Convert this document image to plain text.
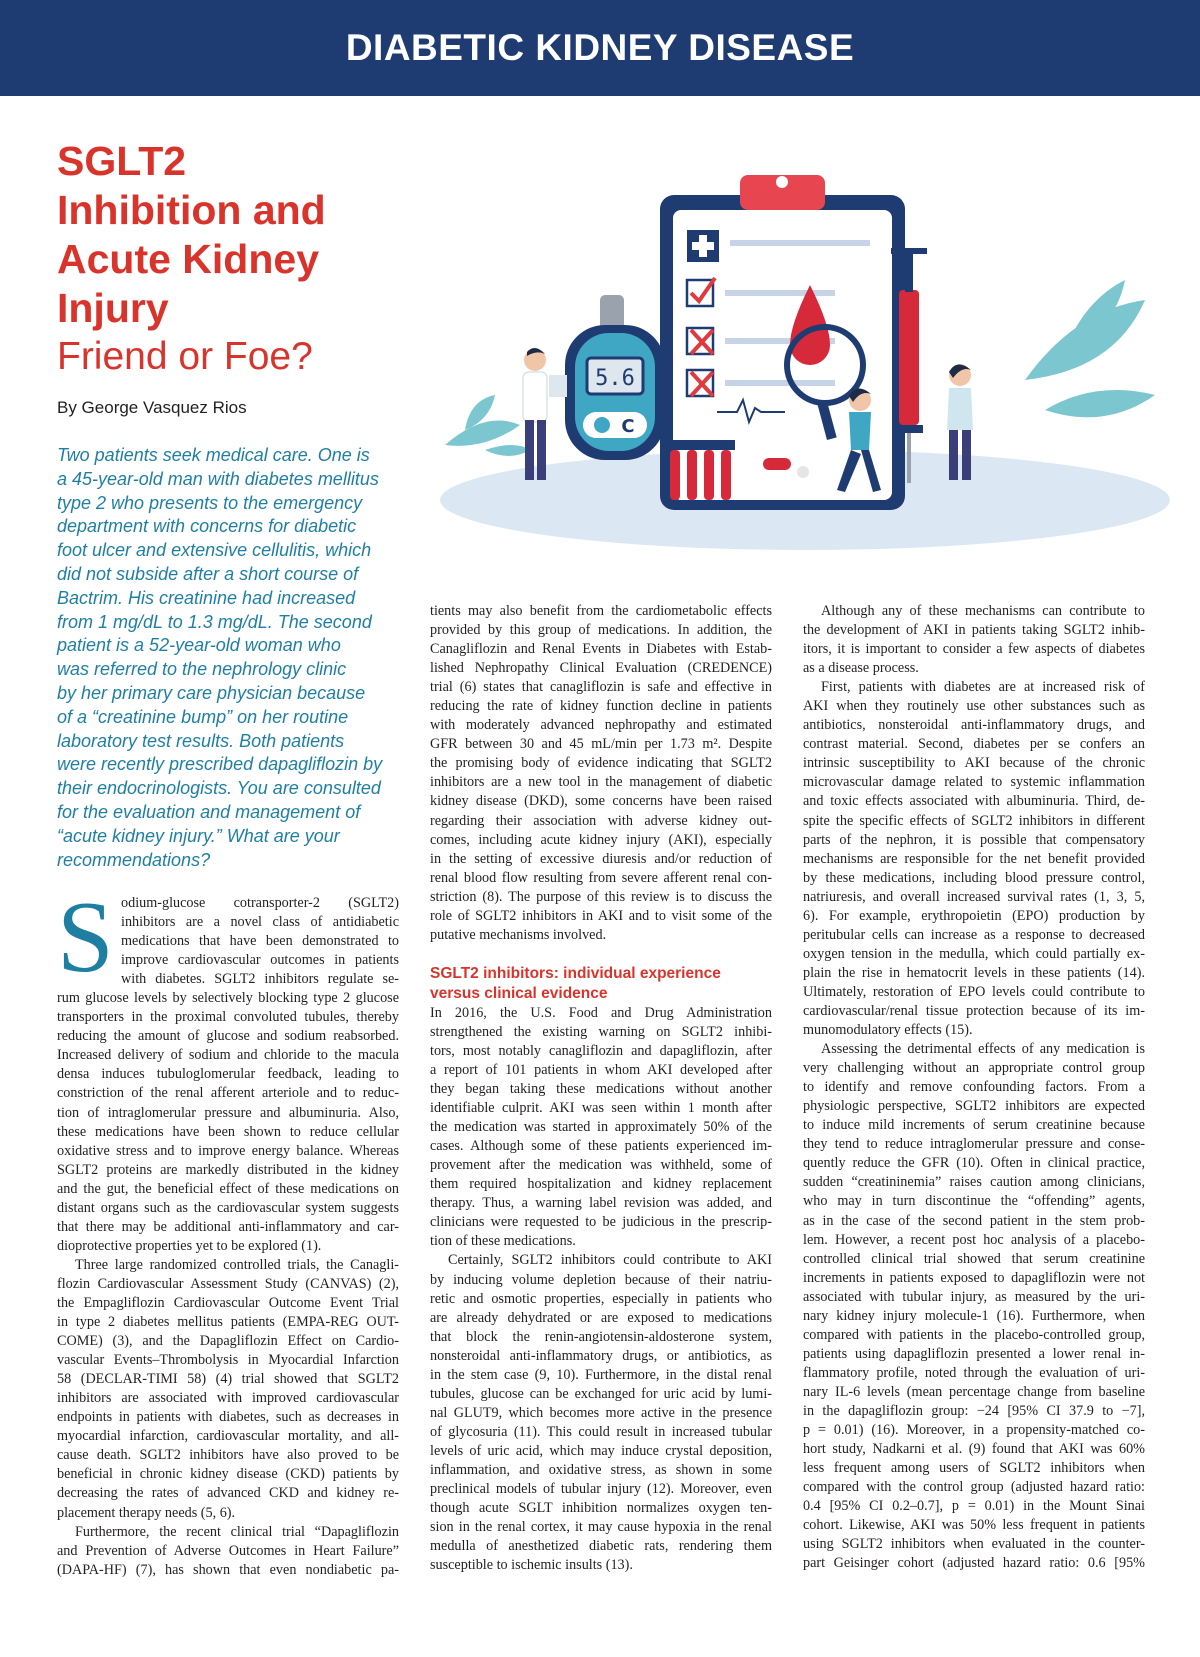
DIABETIC KIDNEY DISEASE
SGLT2
Inhibition and
Acute Kidney
Injury
Friend or Foe?
By George Vasquez Rios
Two patients seek medical care. One is
a 45-year-old man with diabetes mellitus
type 2 who presents to the emergency
department with concerns for diabetic
foot ulcer and extensive cellulitis, which
did not subside after a short course of
Bactrim. His creatinine had increased
from 1 mg/dL to 1.3 mg/dL. The second
patient is a 52-year-old woman who
was referred to the nephrology clinic
by her primary care physician because
of a “creatinine bump” on her routine
laboratory test results. Both patients
were recently prescribed dapagliflozin by
their endocrinologists. You are consulted
for the evaluation and management of
“acute kidney injury.” What are your
recommendations?
5.6
C
S odium-glucose cotransporter-2 (SGLT2)
inhibitors are a novel class of antidiabetic
medications that have been demonstrated to
improve cardiovascular outcomes in patients
with diabetes. SGLT2 inhibitors regulate se-
rum glucose levels by selectively blocking type 2 glucose
transporters in the proximal convoluted tubules, thereby
reducing the amount of glucose and sodium reabsorbed.
Increased delivery of sodium and chloride to the macula
densa induces tubuloglomerular feedback, leading to
constriction of the renal afferent arteriole and to reduc-
tion of intraglomerular pressure and albuminuria. Also,
these medications have been shown to reduce cellular
oxidative stress and to improve energy balance. Whereas
SGLT2 proteins are markedly distributed in the kidney
and the gut, the beneficial effect of these medications on
distant organs such as the cardiovascular system suggests
that there may be additional anti-inflammatory and car-
dioprotective properties yet to be explored (1).
Three large randomized controlled trials, the Canagli-
flozin Cardiovascular Assessment Study (CANVAS) (2),
the Empagliflozin Cardiovascular Outcome Event Trial
in type 2 diabetes mellitus patients (EMPA-REG OUT-
COME) (3), and the Dapagliflozin Effect on Cardio-
vascular Events–Thrombolysis in Myocardial Infarction
58 (DECLAR-TIMI 58) (4) trial showed that SGLT2
inhibitors are associated with improved cardiovascular
endpoints in patients with diabetes, such as decreases in
myocardial infarction, cardiovascular mortality, and all-
cause death. SGLT2 inhibitors have also proved to be
beneficial in chronic kidney disease (CKD) patients by
decreasing the rates of advanced CKD and kidney re-
placement therapy needs (5, 6).
Furthermore, the recent clinical trial “Dapagliflozin
and Prevention of Adverse Outcomes in Heart Failure”
(DAPA-HF) (7), has shown that even nondiabetic pa-
tients may also benefit from the cardiometabolic effects
provided by this group of medications. In addition, the
Canagliflozin and Renal Events in Diabetes with Estab-
lished Nephropathy Clinical Evaluation (CREDENCE)
trial (6) states that canagliflozin is safe and effective in
reducing the rate of kidney function decline in patients
with moderately advanced nephropathy and estimated
GFR between 30 and 45 mL/min per 1.73 m². Despite
the promising body of evidence indicating that SGLT2
inhibitors are a new tool in the management of diabetic
kidney disease (DKD), some concerns have been raised
regarding their association with adverse kidney out-
comes, including acute kidney injury (AKI), especially
in the setting of excessive diuresis and/or reduction of
renal blood flow resulting from severe afferent renal con-
striction (8). The purpose of this review is to discuss the
role of SGLT2 inhibitors in AKI and to visit some of the
putative mechanisms involved.
SGLT2 inhibitors: individual experience
versus clinical evidence
In 2016, the U.S. Food and Drug Administration
strengthened the existing warning on SGLT2 inhibi-
tors, most notably canagliflozin and dapagliflozin, after
a report of 101 patients in whom AKI developed after
they began taking these medications without another
identifiable culprit. AKI was seen within 1 month after
the medication was started in approximately 50% of the
cases. Although some of these patients experienced im-
provement after the medication was withheld, some of
them required hospitalization and kidney replacement
therapy. Thus, a warning label revision was added, and
clinicians were requested to be judicious in the prescrip-
tion of these medications.
Certainly, SGLT2 inhibitors could contribute to AKI
by inducing volume depletion because of their natriu-
retic and osmotic properties, especially in patients who
are already dehydrated or are exposed to medications
that block the renin-angiotensin-aldosterone system,
nonsteroidal anti-inflammatory drugs, or antibiotics, as
in the stem case (9, 10). Furthermore, in the distal renal
tubules, glucose can be exchanged for uric acid by lumi-
nal GLUT9, which becomes more active in the presence
of glycosuria (11). This could result in increased tubular
levels of uric acid, which may induce crystal deposition,
inflammation, and oxidative stress, as shown in some
preclinical models of tubular injury (12). Moreover, even
though acute SGLT inhibition normalizes oxygen ten-
sion in the renal cortex, it may cause hypoxia in the renal
medulla of anesthetized diabetic rats, rendering them
susceptible to ischemic insults (13).
Although any of these mechanisms can contribute to
the development of AKI in patients taking SGLT2 inhib-
itors, it is important to consider a few aspects of diabetes
as a disease process.
First, patients with diabetes are at increased risk of
AKI when they routinely use other substances such as
antibiotics, nonsteroidal anti-inflammatory drugs, and
contrast material. Second, diabetes per se confers an
intrinsic susceptibility to AKI because of the chronic
microvascular damage related to systemic inflammation
and toxic effects associated with albuminuria. Third, de-
spite the specific effects of SGLT2 inhibitors in different
parts of the nephron, it is possible that compensatory
mechanisms are responsible for the net benefit provided
by these medications, including blood pressure control,
natriuresis, and overall increased survival rates (1, 3, 5,
6). For example, erythropoietin (EPO) production by
peritubular cells can increase as a response to decreased
oxygen tension in the medulla, which could partially ex-
plain the rise in hematocrit levels in these patients (14).
Ultimately, restoration of EPO levels could contribute to
cardiovascular/renal tissue protection because of its im-
munomodulatory effects (15).
Assessing the detrimental effects of any medication is
very challenging without an appropriate control group
to identify and remove confounding factors. From a
physiologic perspective, SGLT2 inhibitors are expected
to induce mild increments of serum creatinine because
they tend to reduce intraglomerular pressure and conse-
quently reduce the GFR (10). Often in clinical practice,
sudden “creatininemia” raises caution among clinicians,
who may in turn discontinue the “offending” agents,
as in the case of the second patient in the stem prob-
lem. However, a recent post hoc analysis of a placebo-
controlled clinical trial showed that serum creatinine
increments in patients exposed to dapagliflozin were not
associated with tubular injury, as measured by the uri-
nary kidney injury molecule-1 (16). Furthermore, when
compared with patients in the placebo-controlled group,
patients using dapagliflozin presented a lower renal in-
flammatory profile, noted through the evaluation of uri-
nary IL-6 levels (mean percentage change from baseline
in the dapagliflozin group: −24 [95% CI 37.9 to −7],
p = 0.01) (16). Moreover, in a propensity-matched co-
hort study, Nadkarni et al. (9) found that AKI was 60%
less frequent among users of SGLT2 inhibitors when
compared with the control group (adjusted hazard ratio:
0.4 [95% CI 0.2–0.7], p = 0.01) in the Mount Sinai
cohort. Likewise, AKI was 50% less frequent in patients
using SGLT2 inhibitors when evaluated in the counter-
part Geisinger cohort (adjusted hazard ratio: 0.6 [95%
